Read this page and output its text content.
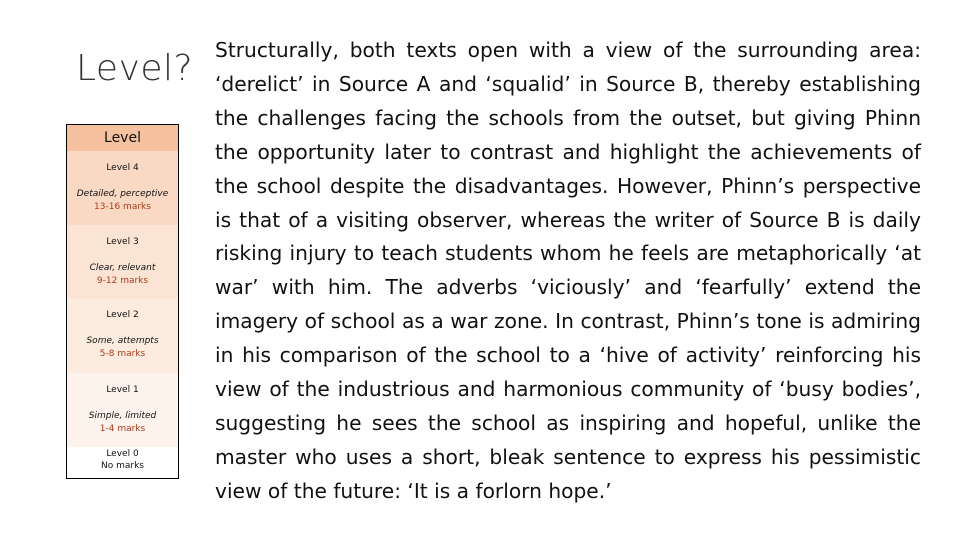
Level?
Level
Level 4
Detailed, perceptive
13-16 marks
Level 3
Clear, relevant
9-12 marks
Level 2
Some, attempts
5-8 marks
Level 1
Simple, limited
1-4 marks
Level 0
No marks

Structurally, both texts open with a view of the surrounding area: ‘derelict’ in Source A and ‘squalid’ in Source B, thereby establishing the challenges facing the schools from the outset, but giving Phinn the opportunity later to contrast and highlight the achievements of the school despite the disadvantages. However, Phinn’s perspective is that of a visiting observer, whereas the writer of Source B is daily risking injury to teach students whom he feels are metaphorically ‘at war’ with him. The adverbs ‘viciously’ and ‘fearfully’ extend the imagery of school as a war zone. In contrast, Phinn’s tone is admiring in his comparison of the school to a ‘hive of activity’ reinforcing his view of the industrious and harmonious community of ‘busy bodies’, suggesting he sees the school as inspiring and hopeful, unlike the master who uses a short, bleak sentence to express his pessimistic view of the future: ‘It is a forlorn hope.’
